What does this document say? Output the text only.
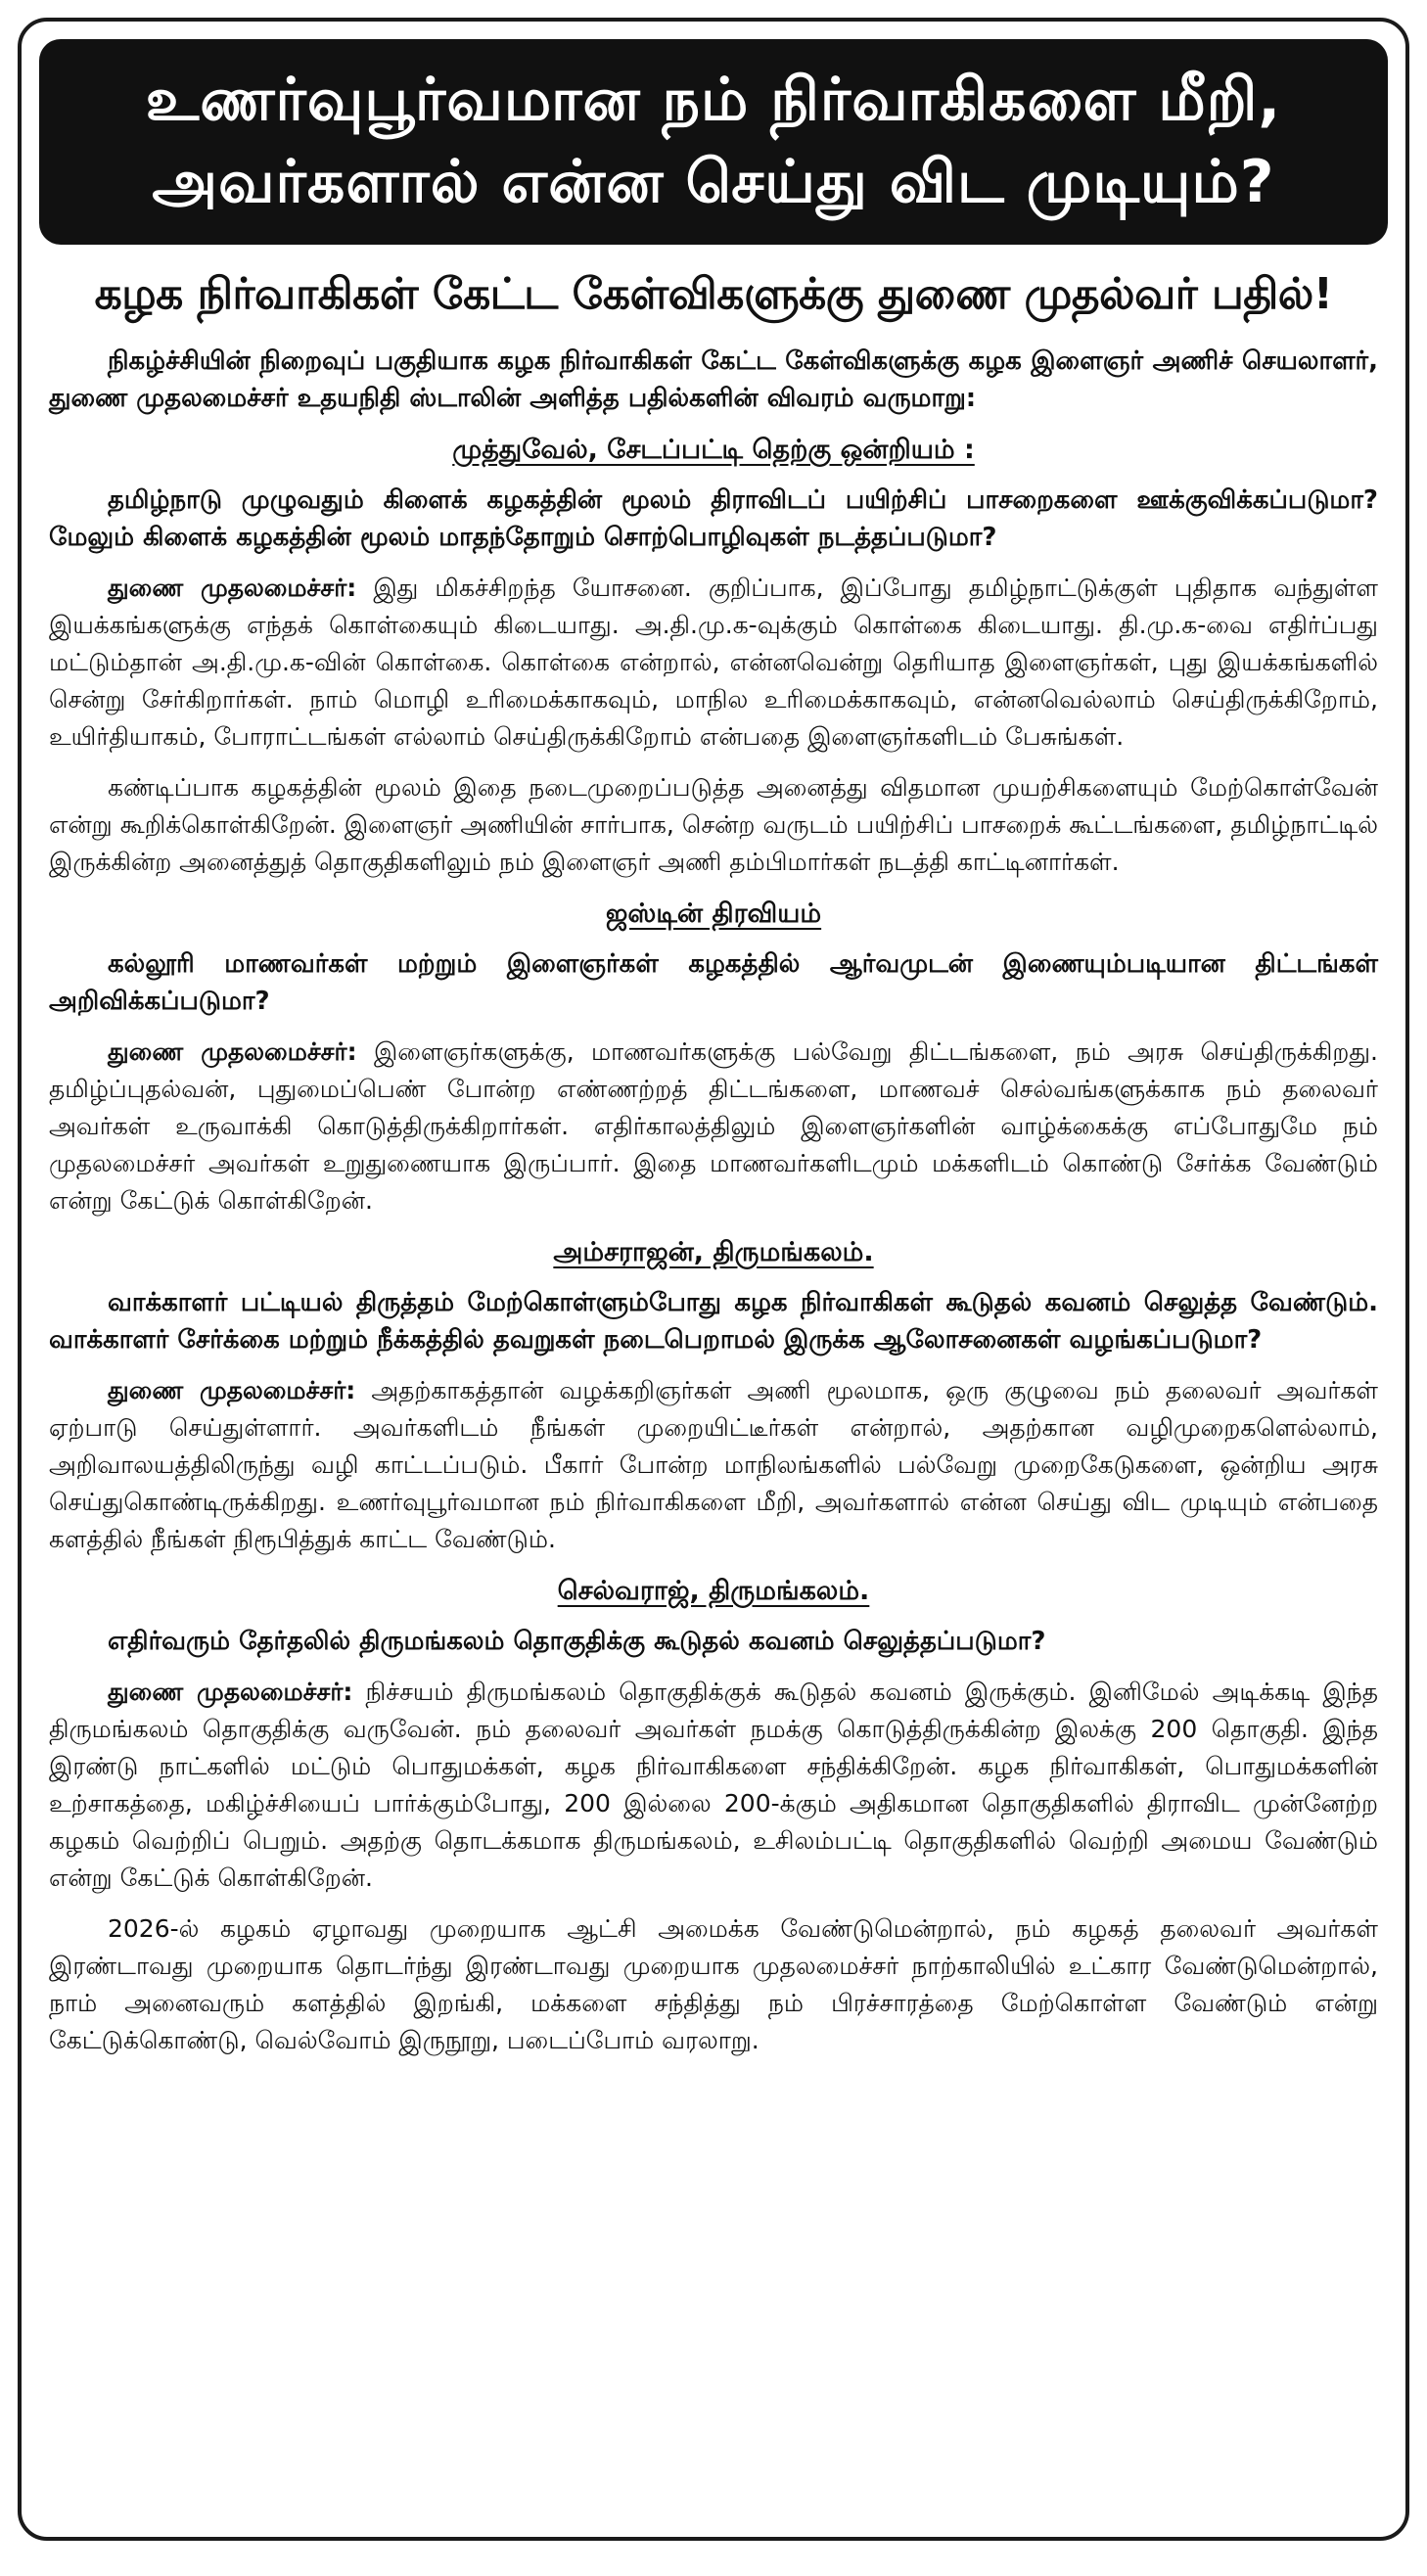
உணர்வுபூர்வமான நம் நிர்வாகிகளை மீறி,
அவர்களால் என்ன செய்து விட முடியும்?
கழக நிர்வாகிகள் கேட்ட கேள்விகளுக்கு துணை முதல்வர் பதில்!

நிகழ்ச்சியின் நிறைவுப் பகுதியாக கழக நிர்வாகிகள் கேட்ட கேள்விகளுக்கு கழக இளைஞர் அணிச் செயலாளர், துணை முதலமைச்சர் உதயநிதி ஸ்டாலின் அளித்த பதில்களின் விவரம் வருமாறு:

முத்துவேல், சேடப்பட்டி தெற்கு ஒன்றியம் :

தமிழ்நாடு முழுவதும் கிளைக் கழகத்தின் மூலம் திராவிடப் பயிற்சிப் பாசறைகளை ஊக்குவிக்கப்படுமா? மேலும் கிளைக் கழகத்தின் மூலம் மாதந்தோறும் சொற்பொழிவுகள் நடத்தப்படுமா?

துணை முதலமைச்சர்: இது மிகச்சிறந்த யோசனை. குறிப்பாக, இப்போது தமிழ்நாட்டுக்குள் புதிதாக வந்துள்ள இயக்கங்களுக்கு எந்தக் கொள்கையும் கிடையாது. அ.தி.மு.க-வுக்கும் கொள்கை கிடையாது. தி.மு.க-வை எதிர்ப்பது மட்டும்தான் அ.தி.மு.க-வின் கொள்கை. கொள்கை என்றால், என்னவென்று தெரியாத இளைஞர்கள், புது இயக்கங்களில் சென்று சேர்கிறார்கள். நாம் மொழி உரிமைக்காகவும், மாநில உரிமைக்காகவும், என்னவெல்லாம் செய்திருக்கிறோம், உயிர்தியாகம், போராட்டங்கள் எல்லாம் செய்திருக்கிறோம் என்பதை இளைஞர்களிடம் பேசுங்கள்.

கண்டிப்பாக கழகத்தின் மூலம் இதை நடைமுறைப்படுத்த அனைத்து விதமான முயற்சிகளையும் மேற்கொள்வேன் என்று கூறிக்கொள்கிறேன். இளைஞர் அணியின் சார்பாக, சென்ற வருடம் பயிற்சிப் பாசறைக் கூட்டங்களை, தமிழ்நாட்டில் இருக்கின்ற அனைத்துத் தொகுதிகளிலும் நம் இளைஞர் அணி தம்பிமார்கள் நடத்தி காட்டினார்கள்.

ஜஸ்டின் திரவியம்

கல்லூரி மாணவர்கள் மற்றும் இளைஞர்கள் கழகத்தில் ஆர்வமுடன் இணையும்படியான திட்டங்கள் அறிவிக்கப்படுமா?

துணை முதலமைச்சர்: இளைஞர்களுக்கு, மாணவர்களுக்கு பல்வேறு திட்டங்களை, நம் அரசு செய்திருக்கிறது. தமிழ்ப்புதல்வன், புதுமைப்பெண் போன்ற எண்ணற்றத் திட்டங்களை, மாணவச் செல்வங்களுக்காக நம் தலைவர் அவர்கள் உருவாக்கி கொடுத்திருக்கிறார்கள். எதிர்காலத்திலும் இளைஞர்களின் வாழ்க்கைக்கு எப்போதுமே நம் முதலமைச்சர் அவர்கள் உறுதுணையாக இருப்பார். இதை மாணவர்களிடமும் மக்களிடம் கொண்டு சேர்க்க வேண்டும் என்று கேட்டுக் கொள்கிறேன்.

அம்சராஜன், திருமங்கலம்.

வாக்காளர் பட்டியல் திருத்தம் மேற்கொள்ளும்போது கழக நிர்வாகிகள் கூடுதல் கவனம் செலுத்த வேண்டும். வாக்காளர் சேர்க்கை மற்றும் நீக்கத்தில் தவறுகள் நடைபெறாமல் இருக்க ஆலோசனைகள் வழங்கப்படுமா?

துணை முதலமைச்சர்: அதற்காகத்தான் வழக்கறிஞர்கள் அணி மூலமாக, ஒரு குழுவை நம் தலைவர் அவர்கள் ஏற்பாடு செய்துள்ளார். அவர்களிடம் நீங்கள் முறையிட்டீர்கள் என்றால், அதற்கான வழிமுறைகளெல்லாம், அறிவாலயத்திலிருந்து வழி காட்டப்படும். பீகார் போன்ற மாநிலங்களில் பல்வேறு முறைகேடுகளை, ஒன்றிய அரசு செய்துகொண்டிருக்கிறது. உணர்வுபூர்வமான நம் நிர்வாகிகளை மீறி, அவர்களால் என்ன செய்து விட முடியும் என்பதை களத்தில் நீங்கள் நிரூபித்துக் காட்ட வேண்டும்.

செல்வராஜ், திருமங்கலம்.

எதிர்வரும் தேர்தலில் திருமங்கலம் தொகுதிக்கு கூடுதல் கவனம் செலுத்தப்படுமா?

துணை முதலமைச்சர்: நிச்சயம் திருமங்கலம் தொகுதிக்குக் கூடுதல் கவனம் இருக்கும். இனிமேல் அடிக்கடி இந்த திருமங்கலம் தொகுதிக்கு வருவேன். நம் தலைவர் அவர்கள் நமக்கு கொடுத்திருக்கின்ற இலக்கு 200 தொகுதி. இந்த இரண்டு நாட்களில் மட்டும் பொதுமக்கள், கழக நிர்வாகிகளை சந்திக்கிறேன். கழக நிர்வாகிகள், பொதுமக்களின் உற்சாகத்தை, மகிழ்ச்சியைப் பார்க்கும்போது, 200 இல்லை 200-க்கும் அதிகமான தொகுதிகளில் திராவிட முன்னேற்ற கழகம் வெற்றிப் பெறும். அதற்கு தொடக்கமாக திருமங்கலம், உசிலம்பட்டி தொகுதிகளில் வெற்றி அமைய வேண்டும் என்று கேட்டுக் கொள்கிறேன்.

2026-ல் கழகம் ஏழாவது முறையாக ஆட்சி அமைக்க வேண்டுமென்றால், நம் கழகத் தலைவர் அவர்கள் இரண்டாவது முறையாக தொடர்ந்து இரண்டாவது முறையாக முதலமைச்சர் நாற்காலியில் உட்கார வேண்டுமென்றால், நாம் அனைவரும் களத்தில் இறங்கி, மக்களை சந்தித்து நம் பிரச்சாரத்தை மேற்கொள்ள வேண்டும் என்று கேட்டுக்கொண்டு, வெல்வோம் இருநூறு, படைப்போம் வரலாறு.
